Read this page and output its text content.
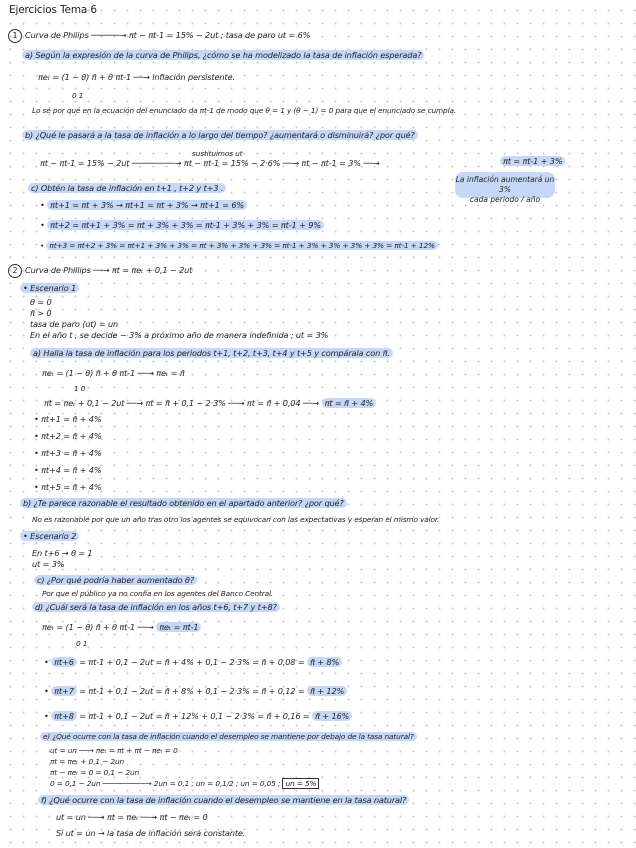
Ejercicios Tema 6
1 Curva de Philips ──────→ πt − πt-1 = 15% − 2ut ; tasa de paro ut = 6%
a) Según la expresión de la curva de Philips, ¿cómo se ha modelizado la tasa de inflación esperada?
πeₜ = (1 − θ) π̄ + θ πt-1 ──→ inflación persistente.
0 1
Lo sé por qué en la ecuación del enunciado da πt-1 de modo que θ = 1 y (θ − 1) = 0 para que el enunciado se cumpla.
b) ¿Qué le pasará a la tasa de inflación a lo largo del tiempo? ¿aumentará o disminuirá? ¿por qué?
sustituimos ut
πt − πt-1 = 15% − 2ut ─────────→ πt − πt-1 = 15% − 2·6% ──→ πt − πt-1 = 3% ──→	πt = πt-1 + 3%
La inflación aumentará un 3%
cada periodo / año
c) Obtén la tasa de inflación en t+1 , t+2 y t+3 .
• πt+1 = πt + 3% → πt+1 = πt + 3% → πt+1 = 6%
• πt+2 = πt+1 + 3% = πt + 3% + 3% = πt-1 + 3% + 3% = πt-1 + 9%
• πt+3 = πt+2 + 3% = πt+1 + 3% + 3% = πt + 3% + 3% + 3% = πt-1 + 3% + 3% + 3% + 3% = πt-1 + 12%
2 Curva de Phillips ──→ πt = πeₜ + 0,1 − 2ut
• Escenario 1
θ = 0
π̄ > 0
tasa de paro (ut) = un
En el año t , se decide − 3% a próximo año de manera indefinida ; ut = 3%
a) Halla la tasa de inflación para los periodos t+1, t+2, t+3, t+4 y t+5 y compárala con π̄.
πeₜ = (1 − θ) π̄ + θ πt-1 ──→ πeₜ = π̄
1 0
πt = πeₜ + 0,1 − 2ut ──→ πt = π̄ + 0,1 − 2·3% ──→ πt = π̄ + 0,04 ──→ πt = π̄ + 4%
• πt+1 = π̄ + 4%
• πt+2 = π̄ + 4%
• πt+3 = π̄ + 4%
• πt+4 = π̄ + 4%
• πt+5 = π̄ + 4%
b) ¿Te parece razonable el resultado obtenido en el apartado anterior? ¿por qué?
No es razonable por que un año tras otro los agentes se equivocan con las expectativas y esperan el mismo valor.
• Escenario 2
En t+6 → θ = 1
ut = 3%
c) ¿Por qué podría haber aumentado θ?
Por que el público ya no confía en los agentes del Banco Central.
d) ¿Cuál será la tasa de inflación en los años t+6, t+7 y t+8?
πeₜ = (1 − θ) π̄ + θ πt-1 ──→ πeₜ = πt-1
0 1
• πt+6 = πt-1 + 0,1 − 2ut = π̄ + 4% + 0,1 − 2·3% = π̄ + 0,08 = π̄ + 8%
• πt+7 = πt-1 + 0,1 − 2ut = π̄ + 8% + 0,1 − 2·3% = π̄ + 0,12 = π̄ + 12%
• πt+8 = πt-1 + 0,1 − 2ut = π̄ + 12% + 0,1 − 2·3% = π̄ + 0,16 = π̄ + 16%
e) ¿Qué ocurre con la tasa de inflación cuando el desempleo se mantiene por debajo de la tasa natural?
ut = un ──→ πeₜ = πt + πt − πeₜ = 0
πt = πeₜ + 0,1 − 2un
πt − πeₜ = 0 = 0,1 − 2un
0 = 0,1 − 2un ──────────→ 2un = 0,1 ; un = 0,1/2 ; un = 0,05 ; un = 5%
f) ¿Qué ocurre con la tasa de inflación cuando el desempleo se mantiene en la tasa natural?
ut = un ──→ πt = πeₜ ──→ πt − πeₜ = 0
Si ut = un → la tasa de inflación será constante.
